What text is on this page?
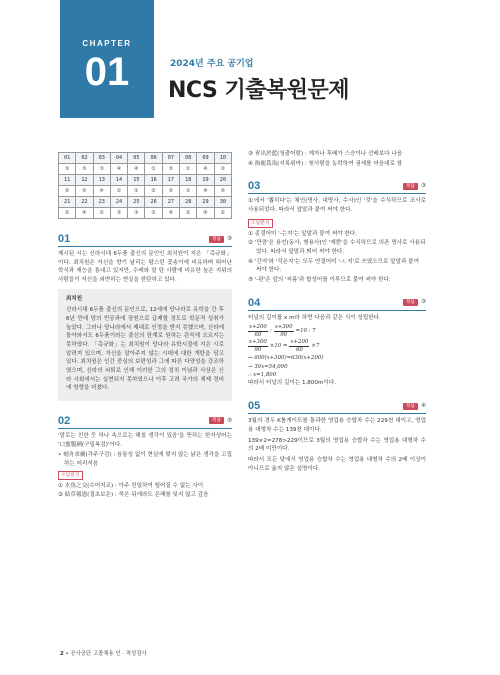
CHAPTER
01	2024년 주요 공기업
NCS 기출복원문제
01	02	03	04	05	06	07	08	09	10
③	⑤	③	④	④	①	⑤	①	④	③
11	12	13	14	15	16	17	18	19	20
②	⑤	④	①	①	②	②	①	④	⑤
21	22	23	24	25	26	27	28	29	30
②	④	②	③	③	②	④	②	④	②
01	정답	③
제시된 시는 신라시대 6두품 출신의 문인인 최치원이 지은 「촉규화」이다. 최치원은 자신을 향기 날리는 탐스런 꽃송이에 비유하며 뛰어난 학식과 재능을 통내고 있지만, 수레와 말 탄 사람에 비유한 높은 지위의 사람들이 자신을 외면하는 현실을 한탄하고 있다.
최치원
신라시대 6두품 출신의 문인으로, 12세에 당나라로 유학을 간 후 6년 만에 당의 빈공과에 장원으로 급제할 정도로 학문적 성취가 높았다. 그러나 당나라에서 제대로 인정을 받지 못했으며, 신라에 돌아와서도 6두품이라는 출신의 한계로 원하는 관직에 오르지는 못하였다. 「촉규화」는 최치원이 당나라 유학시절에 지은 시로 알려져 있으며, 자신을 알아주지 않는 시대에 대한 개탄을 담고 있다. 최치원은 인간 중심의 보편성과 그에 따른 다양성을 강조하였으며, 신라의 쇠퇴로 인해 이러한 그의 정치 이념과 사상은 신라 사회에서는 실현되지 못하였으나 이후 고려 국가의 체제 정비에 영향을 미쳤다.
02	정답	⑤
'말로는 친한 듯 하나 속으로는 해칠 생각이 있음'을 뜻하는 한자성어는 '口蜜腹劍(구밀복검)'이다.
• 刻舟求劍(각주구검) : 융통성 없이 현실에 맞지 않는 낡은 생각을 고집하는 어리석음
오답분석
① 水魚之交(수어지교) : 아주 친밀하여 떨어질 수 없는 사이
② 結草報恩(결초보은) : 죽은 뒤에라도 은혜를 잊지 않고 갚음
③ 靑出於藍(청출어람) : 제자나 후배가 스승이나 선배보다 나음
④ 指鹿爲馬(지록위마) : 윗사람을 농락하여 권세를 마음대로 함
03	정답	③
①에서 '뽑히다'는 체언(명사, 대명사, 수사)인 '것'을 수식하므로 조사로 사용되었다. 따라서 앞말과 붙여 써야 한다.
오답분석
① 종결어미 '-는지'는 앞말과 붙여 써야 한다.
② '만큼'은 용언(동사, 형용사)인 '예쁜'을 수식하므로 의존 명사로 사용되었다. 따라서 앞말과 띄어 써야 한다.
④ '간지'와 '작은지'는 모두 연결어미 '-ㄴ지'로 쓰였으므로 앞말과 붙여 써야 한다.
⑤ '-판'은 앞의 '씨름'과 합성어를 이루므로 붙여 써야 한다.
04	정답	③
터널의 길이를 x m라 하면 다음과 같은 식이 성립한다.
$\frac{x+200}{60}$ : $\frac{x+300}{90} =10$ : 7
$\frac{x+300}{90} \times 10 = \frac{x+200}{60} \times 7$
→ 600(x+300)=630(x+200)
→ 30x=54,000
∴ x=1,800
따라서 터널의 길이는 1,800m이다.
05	정답	④
3월의 경우 K톨게이트를 통과한 영업용 승합차 수는 229천 대이고, 영업용 대형차 수는 139천 대이다.
139×2=278>229이므로 3월의 영업용 승합차 수는 영업용 대형차 수의 2배 미만이다.
따라서 모든 달에서 영업용 승합차 수는 영업용 대형차 수의 2배 이상이 아니므로 옳지 않은 설명이다.
2 • 공사공단 고졸채용 인 · 적성검사
